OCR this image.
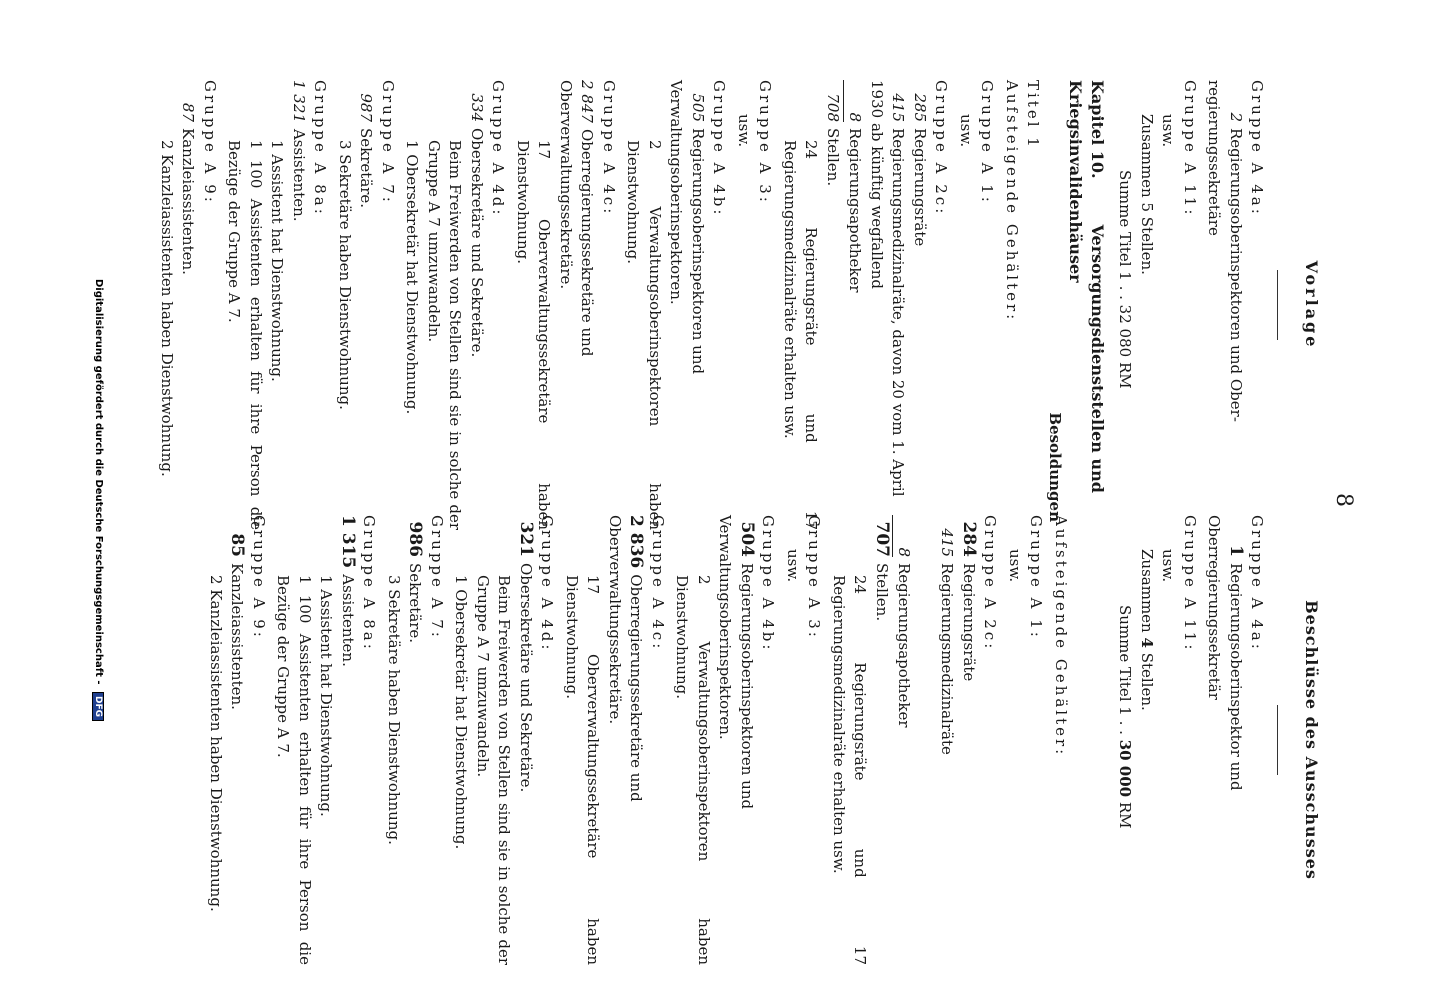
8
Vorlage
Gruppe A 4a:
2Regierungsoberinspektoren und Ober-
regierungssekretäre
Gruppe A 11:
usw.
Zusammen 5 Stellen.
Summe Titel 1 . . 32 080 RM
Kapitel 10.Versorgungsdienststellen und Kriegsinvalidenhäuser
Besoldungen
Titel 1
Aufsteigende Gehälter:
Gruppe A 1:
usw.
Gruppe A 2c:
285Regierungsräte
415Regierungsmedizinalräte, davon 20 vom 1. April 1930 ab künftig wegfallend
8Regierungsapotheker
708Stellen.
24 Regierungsräte und 17 Regierungsmedizinalräte erhalten usw.
Gruppe A 3:
usw.
Gruppe A 4b:
505Regierungsoberinspektoren und Verwaltungsoberinspektoren.
2 Verwaltungsoberinspektoren haben Dienstwohnung.
Gruppe A 4c:
2 847Oberregierungssekretäre und Oberverwaltungssekretäre.
17 Oberverwaltungssekretäre haben Dienstwohnung.
Gruppe A 4d:
334Obersekretäre und Sekretäre.
Beim Freiwerden von Stellen sind sie in solche der Gruppe A 7 umzuwandeln.
1 Obersekretär hat Dienstwohnung.
Gruppe A 7:
987Sekretäre.
3 Sekretäre haben Dienstwohnung.
Gruppe A 8a:
1 321Assistenten.
1 Assistent hat Dienstwohnung.
1 100 Assistenten erhalten für ihre Person die Bezüge der Gruppe A 7.
Gruppe A 9:
87Kanzleiassistenten.
2 Kanzleiassistenten haben Dienstwohnung.
Beschlüsse des Ausschusses
Gruppe A 4a:
1Regierungsoberinspektor und Oberregierungssekretär
Gruppe A 11:
usw.
Zusammen 4 Stellen.
Summe Titel 1 . . 30 000 RM

Aufsteigende Gehälter:
Gruppe A 1:
usw.
Gruppe A 2c:
284Regierungsräte
415Regierungsmedizinalräte

8Regierungsapotheker
707Stellen.
24 Regierungsräte und 17 Regierungsmedizinalräte erhalten usw.
Gruppe A 3:
usw.
Gruppe A 4b:
504Regierungsoberinspektoren und Verwaltungsoberinspektoren.
2 Verwaltungsoberinspektoren haben Dienstwohnung.
Gruppe A 4c:
2 836Oberregierungssekretäre und Oberverwaltungssekretäre.
17 Oberverwaltungssekretäre haben Dienstwohnung.
Gruppe A 4d:
321Obersekretäre und Sekretäre.
Beim Freiwerden von Stellen sind sie in solche der Gruppe A 7 umzuwandeln.
1 Obersekretär hat Dienstwohnung.
Gruppe A 7:
986Sekretäre.
3 Sekretäre haben Dienstwohnung.
Gruppe A 8a:
1 315Assistenten.
1 Assistent hat Dienstwohnung.
1 100 Assistenten erhalten für ihre Person die Bezüge der Gruppe A 7.
Gruppe A 9:
85Kanzleiassistenten.
2 Kanzleiassistenten haben Dienstwohnung.
Digitalisierung gefördert durch die Deutsche Forschungsgemeinschaft - DFG
